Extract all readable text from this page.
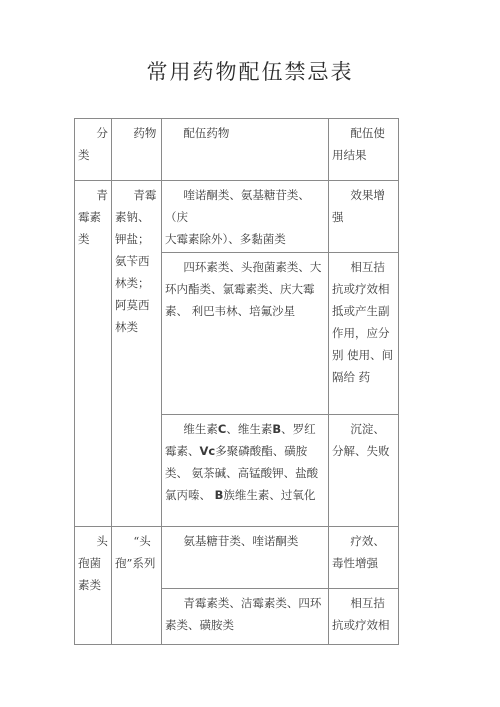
常用药物配伍禁忌表
分类	药物	配伍药物	配伍使用结果

青霉素类	青霉素钠、钾盐；氨苄西林类；阿莫西林类	喹诺酮类、氨基糖苷类、（庆
大霉素除外）、多黏菌类	效果增强

		四环素类、头孢菌素类、大环内酯类、氯霉素类、庆大霉素、 利巴韦林、培氟沙星	相互拮抗或疗效相抵或产生副作用，应分别 使用、间隔给 药

		维生素C、维生素B、罗红霉素、Vc多聚磷酸酯、磺胺类、 氨茶碱、高锰酸钾、盐酸氯丙嗪、 B族维生素、过氧化	沉淀、分解、失败

头孢菌素类	“头孢”系列	氨基糖苷类、喹诺酮类	疗效、毒性增强

		青霉素类、洁霉素类、四环素类、磺胺类	相互拮抗或疗效相
